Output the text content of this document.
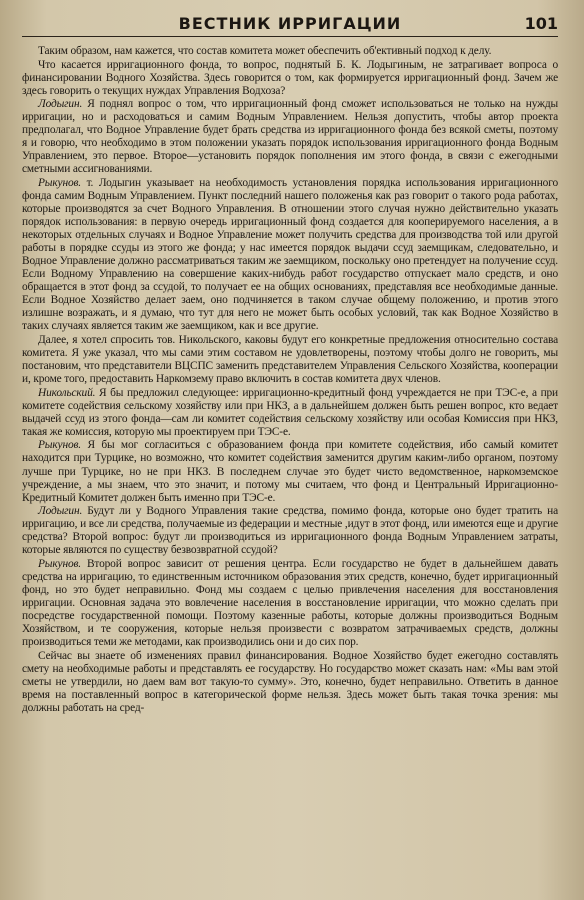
ВЕСТНИК ИРРИГАЦИИ	101

Таким образом, нам кажется, что состав комитета может обеспечить об'ективный подход к делу.

Что касается ирригационного фонда, то вопрос, поднятый Б. К. Лодыгиным, не затрагивает вопроса о финансировании Водного Хозяйства. Здесь говорится о том, как формируется ирригационный фонд. Зачем же здесь говорить о текущих нуждах Управления Водхоза?

Лодыгин. Я поднял вопрос о том, что ирригационный фонд сможет использоваться не только на нужды ирригации, но и расходоваться и самим Водным Управлением. Нельзя допустить, чтобы автор проекта предполагал, что Водное Управление будет брать средства из ирригационного фонда без всякой сметы, поэтому я и говорю, что необходимо в этом положении указать порядок использования ирригационного фонда Водным Управлением, это первое. Второе—установить порядок пополнения им этого фонда, в связи с ежегодными сметными ассигнованиями.

Рыкунов. т. Лодыгин указывает на необходимость установления порядка использования ирригационного фонда самим Водным Управлением. Пункт последний нашего положенья как раз говорит о такого рода работах, которые производятся за счет Водного Управления. В отношении этого случая нужно действительно указать порядок использования: в первую очередь ирригационный фонд создается для кооперируемого населения, а в некоторых отдельных случаях и Водное Управление может получить средства для производства той или другой работы в порядке ссуды из этого же фонда; у нас имеется порядок выдачи ссуд заемщикам, следовательно, и Водное Управление должно рассматриваться таким же заемщиком, поскольку оно претендует на получение ссуд. Если Водному Управлению на совершение каких-нибудь работ государство отпускает мало средств, и оно обращается в этот фонд за ссудой, то получает ее на общих основаниях, представляя все необходимые данные. Если Водное Хозяйство делает заем, оно подчиняется в таком случае общему положению, и против этого излишне возражать, и я думаю, что тут для него не может быть особых условий, так как Водное Хозяйство в таких случаях является таким же заемщиком, как и все другие.

Далее, я хотел спросить тов. Никольского, каковы будут его конкретные предложения относительно состава комитета. Я уже указал, что мы сами этим составом не удовлетворены, поэтому чтобы долго не говорить, мы постановим, что представители ВЦСПС заменить представителем Управления Сельского Хозяйства, кооперации и, кроме того, предоставить Наркомзему право включить в состав комитета двух членов.

Никольский. Я бы предложил следующее: ирригационно-кредитный фонд учреждается не при ТЭС-е, а при комитете содействия сельскому хозяйству или при НКЗ, а в дальнейшем должен быть решен вопрос, кто ведает выдачей ссуд из этого фонда—сам ли комитет содействия сельскому хозяйству или особая Комиссия при НКЗ, такая же комиссия, которую мы проектируем при ТЭС-е.

Рыкунов. Я бы мог согласиться с образованием фонда при комитете содействия, ибо самый комитет находится при Турцике, но возможно, что комитет содействия заменится другим каким-либо органом, поэтому лучше при Турцике, но не при НКЗ. В последнем случае это будет чисто ведомственное, наркомземское учреждение, а мы знаем, что это значит, и потому мы считаем, что фонд и Центральный Ирригационно-Кредитный Комитет должен быть именно при ТЭС-е.

Лодыгин. Будут ли у Водного Управления такие средства, помимо фонда, которые оно будет тратить на ирригацию, и все ли средства, получаемые из федерации и местные ,идут в этот фонд, или имеются еще и другие средства? Второй вопрос: будут ли производиться из ирригационного фонда Водным Управлением затраты, которые являются по существу безвозвратной ссудой?

Рыкунов. Второй вопрос зависит от решения центра. Если государство не будет в дальнейшем давать средства на ирригацию, то единственным источником образования этих средств, конечно, будет ирригационный фонд, но это будет неправильно. Фонд мы создаем с целью привлечения населения для восстановления ирригации. Основная задача это вовлечение населения в восстановление ирригации, что можно сделать при посредстве государственной помощи. Поэтому казенные работы, которые должны производиться Водным Хозяйством, и те сооружения, которые нельзя произвести с возвратом затрачиваемых средств, должны производиться теми же методами, как производились они и до сих пор.

Сейчас вы знаете об изменениях правил финансирования. Водное Хозяйство будет ежегодно составлять смету на необходимые работы и представлять ее государству. Но государство может сказать нам: «Мы вам этой сметы не утвердили, но даем вам вот такую-то сумму». Это, конечно, будет неправильно. Ответить в данное время на поставленный вопрос в категорической форме нельзя. Здесь может быть такая точка зрения: мы должны работать на сред-
